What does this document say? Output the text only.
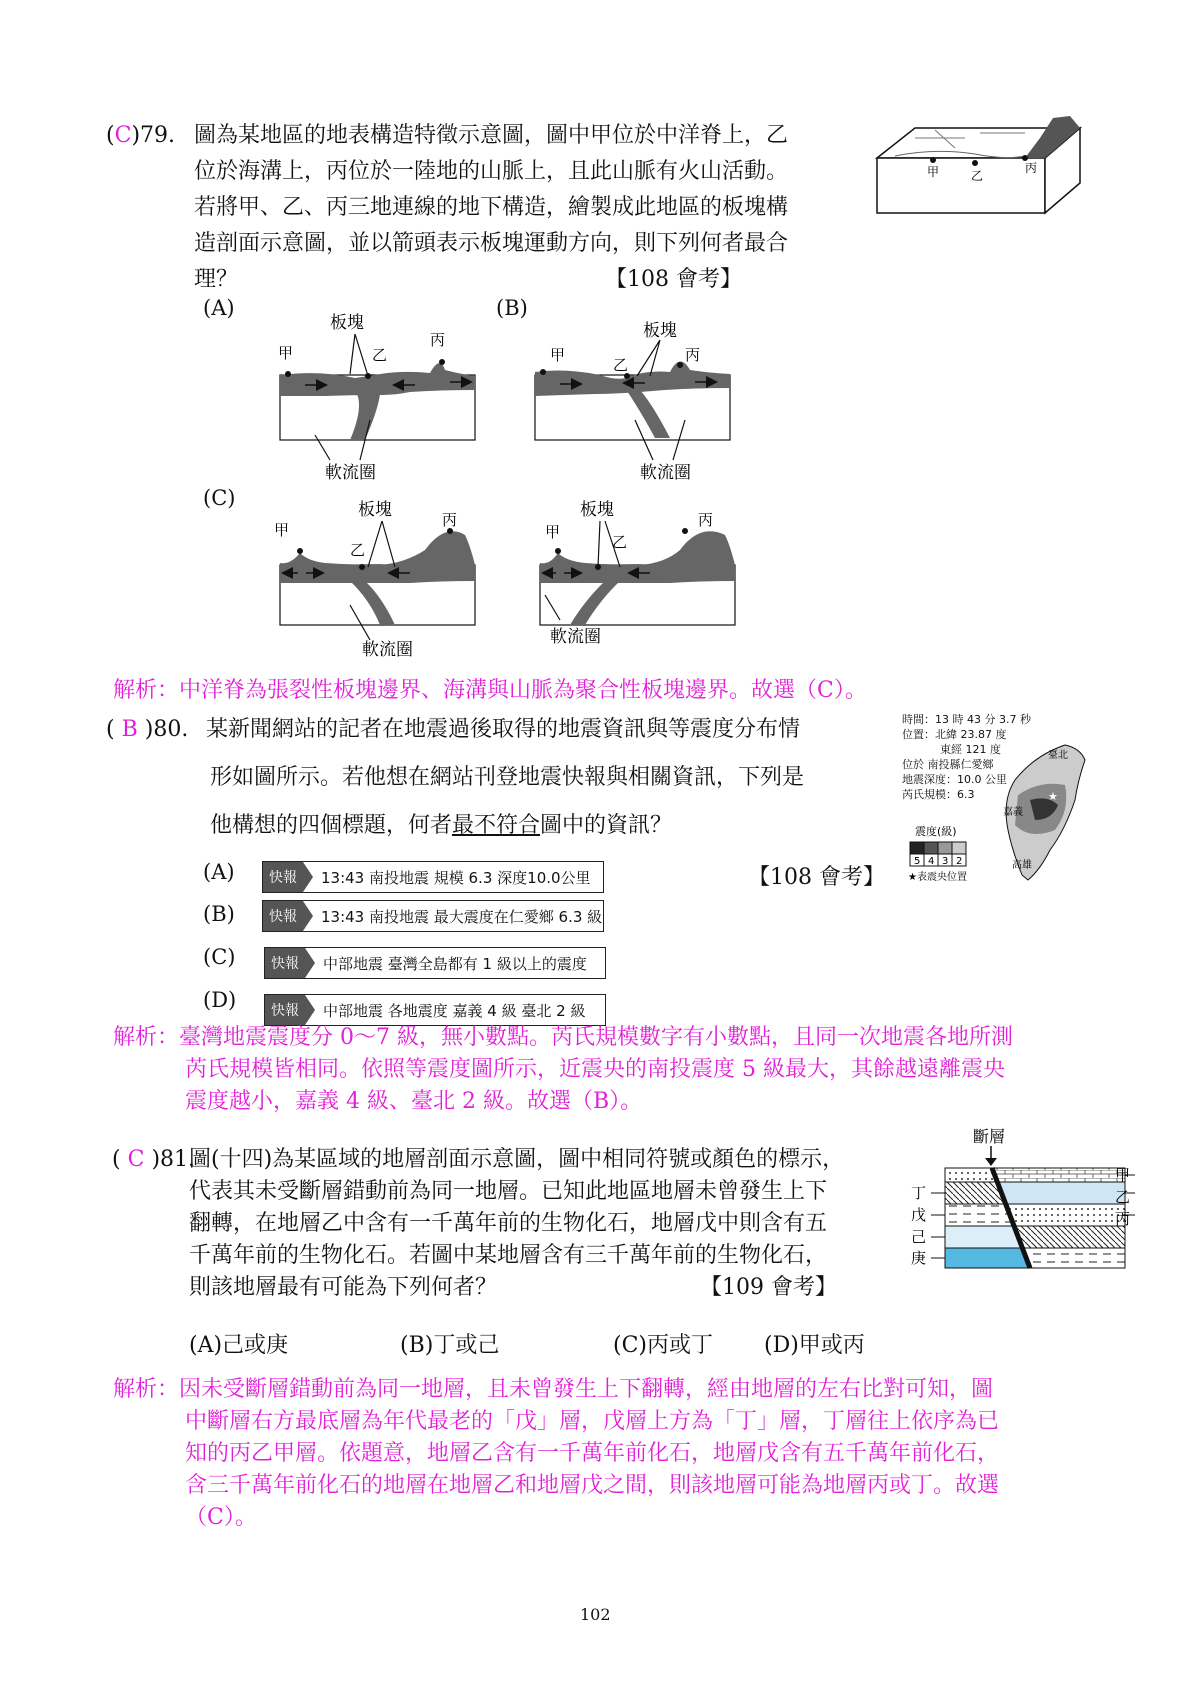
(C)79. 圖為某地區的地表構造特徵示意圖，圖中甲位於中洋脊上，乙
位於海溝上，丙位於一陸地的山脈上，且此山脈有火山活動。
若將甲、乙、丙三地連線的地下構造，繪製成此地區的板塊構
造剖面示意圖，並以箭頭表示板塊運動方向，則下列何者最合
理？	【108 會考】
甲	乙
丙
(A)	(B)
(C)
板塊
甲	乙
丙
軟流圈
板塊
甲
乙
丙
軟流圈
板塊
甲
乙
丙
軟流圈
板塊
甲
乙
丙
軟流圈
解析：中洋脊為張裂性板塊邊界、海溝與山脈為聚合性板塊邊界。故選（C）。
( B )80. 某新聞網站的記者在地震過後取得的地震資訊與等震度分布情
形如圖所示。若他想在網站刊登地震快報與相關資訊，下列是
他構想的四個標題，何者最不符合圖中的資訊？
(A)
(B)
(C)
(D)
快報	13:43 南投地震 規模 6.3 深度10.0公里
快報	13:43 南投地震 最大震度在仁愛鄉 6.3 級
快報	中部地震 臺灣全島都有 1 級以上的震度
快報	中部地震 各地震度 嘉義 4 級 臺北 2 級
【108 會考】
時間：13 時 43 分 3.7 秒
位置：北緯 23.87 度
東經 121 度
位於 南投縣仁愛鄉
地震深度：10.0 公里
芮氏規模：6.3	★
臺北
嘉義
高雄
震度(級)
5 4 3 2
★表震央位置
解析：臺灣地震震度分 0～7 級，無小數點。芮氏規模數字有小數點，且同一次地震各地所測
芮氏規模皆相同。依照等震度圖所示，近震央的南投震度 5 級最大，其餘越遠離震央
震度越小，嘉義 4 級、臺北 2 級。故選（B）。
( C )81.
圖(十四)為某區域的地層剖面示意圖，圖中相同符號或顏色的標示，
代表其未受斷層錯動前為同一地層。已知此地區地層未曾發生上下
翻轉，在地層乙中含有一千萬年前的生物化石，地層戊中則含有五
千萬年前的生物化石。若圖中某地層含有三千萬年前的生物化石，
則該地層最有可能為下列何者？	【109 會考】
(A)己或庚	(B)丁或己	(C)丙或丁 (D)甲或丙
斷層
甲
乙
丙
丁
戊
己
庚
解析：因未受斷層錯動前為同一地層，且未曾發生上下翻轉，經由地層的左右比對可知，圖
中斷層右方最底層為年代最老的「戊」層，戊層上方為「丁」層，丁層往上依序為已
知的丙乙甲層。依題意，地層乙含有一千萬年前化石，地層戊含有五千萬年前化石，
含三千萬年前化石的地層在地層乙和地層戊之間，則該地層可能為地層丙或丁。故選
（C）。
102
